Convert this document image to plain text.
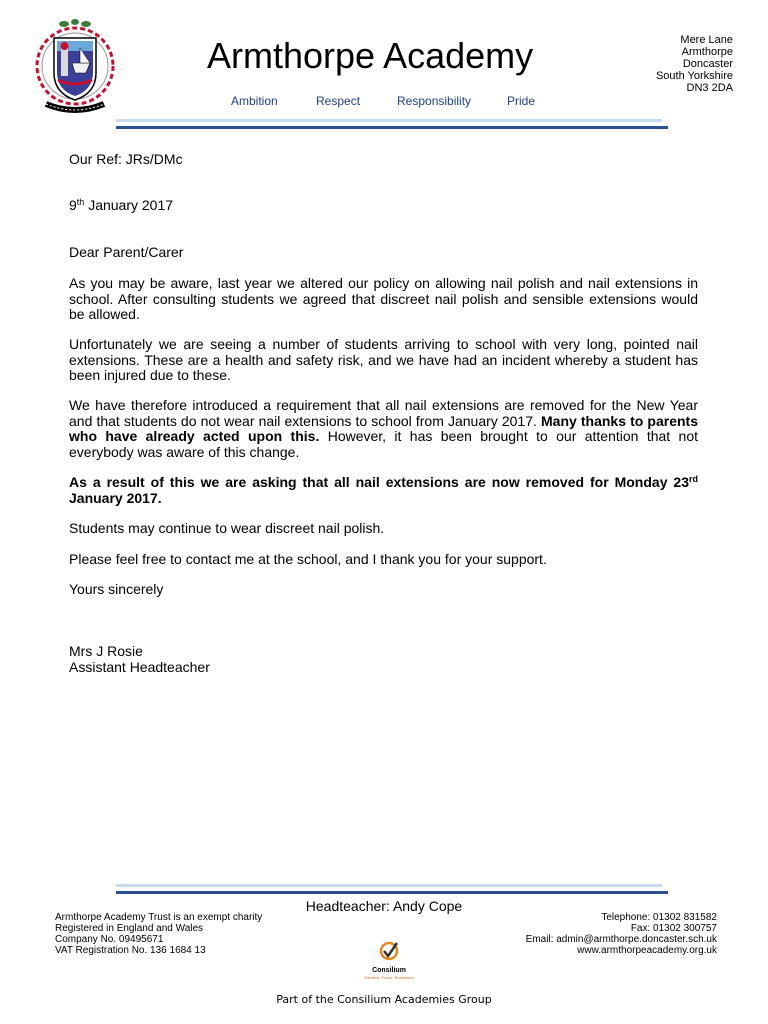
Armthorpe Academy
Ambition	Respect	Responsibility	Pride
Mere Lane
Armthorpe
Doncaster
South Yorkshire
DN3 2DA
Our Ref: JRs/DMc
9th January 2017
Dear Parent/Carer

As you may be aware, last year we altered our policy on allowing nail polish and nail extensions in school. After consulting students we agreed that discreet nail polish and sensible extensions would be allowed.

Unfortunately we are seeing a number of students arriving to school with very long, pointed nail extensions. These are a health and safety risk, and we have had an incident whereby a student has been injured due to these.

We have therefore introduced a requirement that all nail extensions are removed for the New Year and that students do not wear nail extensions to school from January 2017. Many thanks to parents who have already acted upon this. However, it has been brought to our attention that not everybody was aware of this change.

As a result of this we are asking that all nail extensions are now removed for Monday 23rd January 2017.

Students may continue to wear discreet nail polish.
Please feel free to contact me at the school, and I thank you for your support.
Yours sincerely
Mrs J Rosie
Assistant Headteacher
Headteacher: Andy Cope
Armthorpe Academy Trust is an exempt charity
Registered in England and Wales
Company No. 09495671
VAT Registration No. 136 1684 13
Telephone: 01302 831582
Fax: 01302 300757
Email: admin@armthorpe.doncaster.sch.uk
www.armthorpeacademy.org.uk
Consilium
Partners. Focus. Resolution
Part of the Consilium Academies Group
